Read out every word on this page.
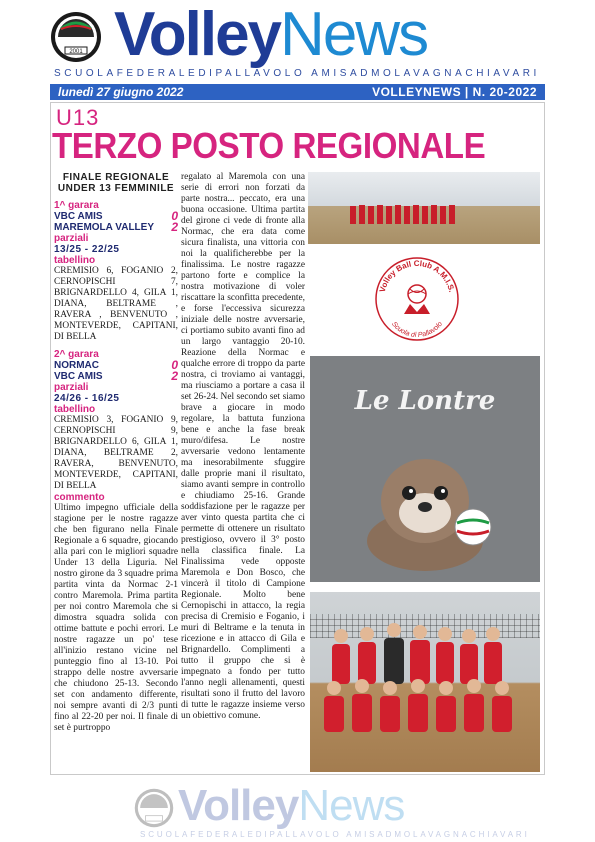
2001
ANNO VolleyNews
SCUOLAFEDERALEDIPALLAVOLO AMISADMOLAVAGNACHIAVARI
lunedì 27 giugno 2022	VOLLEYNEWS | N. 20-2022
U13
TERZO POSTO REGIONALE
FINALE REGIONALE UNDER 13 FEMMINILE
1^ garara
VBC AMIS	0
MAREMOLA VALLEY 2
parziali
13/25 - 22/25
tabellino
CREMISIO 6, FOGANIO 2, CERNOPISCHI 7, BRIGNARDELLO 4, GILA 1, DIANA, BELTRAME , RAVERA , BENVENUTO , MONTEVERDE, CAPITANI, DI BELLA
2^ garara
NORMAC	0
VBC AMIS	2
parziali
24/26 - 16/25
tabellino
CREMISIO 3, FOGANIO 9, CERNOPISCHI 9, BRIGNARDELLO 6, GILA 1, DIANA, BELTRAME 2, RAVERA, BENVENUTO, MONTEVERDE, CAPITANI, DI BELLA
commento
Ultimo impegno ufficiale della stagione per le nostre ragazze che ben figurano nella Finale Regionale a 6 squadre, giocando alla pari con le migliori squadre Under 13 della Liguria. Nel nostro girone da 3 squadre prima partita vinta da Normac 2-1 contro Maremola. Prima partita per noi contro Maremola che si dimostra squadra solida con ottime battute e pochi errori. Le nostre ragazze un po' tese all'inizio restano vicine nel punteggio fino al 13-10. Poi strappo delle nostre avversarie che chiudono 25-13. Secondo set con andamento differente, noi sempre avanti di 2/3 punti fino al 22-20 per noi. Il finale di set è purtroppo
regalato al Maremola con una serie di errori non forzati da parte nostra... peccato, era una buona occasione. Ultima partita del girone ci vede di fronte alla Normac, che era data come sicura finalista, una vittoria con noi la qualificherebbe per la finalissima. Le nostre ragazze partono forte e complice la nostra motivazione di voler riscattare la sconfitta precedente, e forse l'eccessiva sicurezza iniziale delle nostre avversarie, ci portiamo subito avanti fino ad un largo vantaggio 20-10. Reazione della Normac e qualche errore di troppo da parte nostra, ci troviamo ai vantaggi, ma riusciamo a portare a casa il set 26-24. Nel secondo set siamo brave a giocare in modo regolare, la battuta funziona bene e anche la fase break muro/difesa. Le nostre avversarie vedono lentamente ma inesorabilmente sfuggire dalle proprie mani il risultato, siamo avanti sempre in controllo e chiudiamo 25-16. Grande soddisfazione per le ragazze per aver vinto questa partita che ci permette di ottenere un risultato prestigioso, ovvero il 3° posto nella classifica finale. La Finalissima vede opposte Maremola e Don Bosco, che vincerà il titolo di Campione Regionale. Molto bene Cernopischi in attacco, la regia precisa di Cremisio e Foganio, i muri di Beltrame e la tenuta in ricezione e in attacco di Gila e Brignardello. Complimenti a tutto il gruppo che si è impegnato a fondo per tutto l'anno negli allenamenti, questi risultati sono il frutto del lavoro di tutte le ragazze insieme verso un obiettivo comune.
Volley Ball Club A.M.I.S.
Scuola di Pallavolo
Le Lontre
VolleyNews
SCUOLAFEDERALEDIPALLAVOLO AMISADMOLAVAGNACHIAVARI
